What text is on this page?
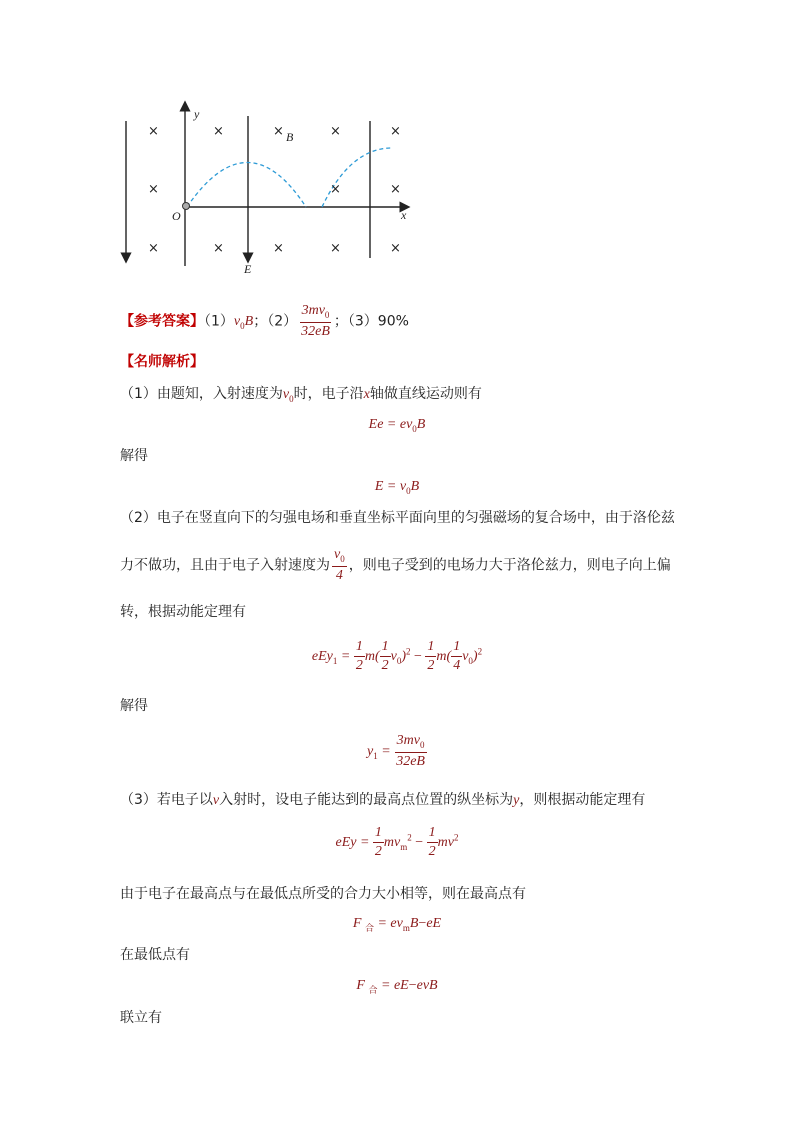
×	×	×	×	×
×	×	×
×	×	×	×	×
y
x
O
B
E
【参考答案】$(1)v_0B$；$(2) \frac{3mv_0}{32eB}$ ；（3）90%
【名师解析】
（1）由题知，入射速度为$v_0$时，电子沿x轴做直线运动则有
$Ee = ev_0B$
解得
$E = v_0B$
（2）电子在竖直向下的匀强电场和垂直坐标平面向里的匀强磁场的复合场中，由于洛伦兹
力不做功，且由于电子入射速度为 $\frac{v_0}{4}$ ，则电子受到的电场力大于洛伦兹力，则电子向上偏
转，根据动能定理有
$eEy_1 = \frac{1}{2} m( \frac{1}{2} v_0)^2 - \frac{1}{2} m( \frac{1}{4} v_0)^2$
解得
$y_1 = \frac{3mv_0}{32eB}$
（3）若电子以v入射时，设电子能达到的最高点位置的纵坐标为y，则根据动能定理有
eEy = $\frac{1}{2} mv_m^2 - \frac{1}{2} mv^2$
由于电子在最高点与在最低点所受的合力大小相等，则在最高点有
F $_合 = ev_mB-eE$
在最低点有
F $_合$ = eE−evB
联立有
